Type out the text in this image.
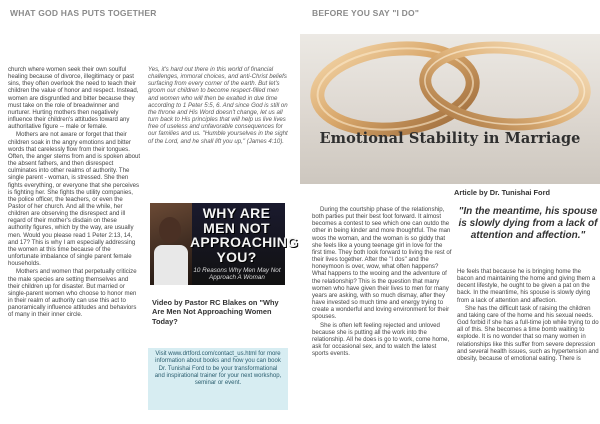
WHAT GOD HAS PUTS TOGETHER	BEFORE YOU SAY "I DO"

church where women seek their own soulful healing because of divorce, illegitimacy or past sins, they often overlook the need to teach their children the value of honor and respect. Instead, women are disgruntled and bitter because they must take on the role of breadwinner and nurturer. Hurting mothers then negatively influence their children's attitudes toward any authoritative figure -- male or female.

Mothers are not aware or forget that their children soak in the angry emotions and bitter words that carelessly flow from their tongues. Often, the anger stems from and is spoken about the absent fathers, and then disrespect culminates into other realms of authority. The single parent - woman, is stressed. She then fights everything, or everyone that she perceives is fighting her. She fights the utility companies, the police officer, the teachers, or even the Pastor of her church. And all the while, her children are observing the disrespect and ill regard of their mother's disdain on these authority figures, which by the way, are usually men. Would you please read 1 Peter 2:13, 14, and 17? This is why I am especially addressing the women at this time because of the unfortunate imbalance of single parent female households.

Mothers and women that perpetually criticize the male species are setting themselves and their children up for disaster. But married or single-parent women who choose to honor men in their realm of authority can use this act to panoramically influence attitudes and behaviors of many in their inner circle.

Yes, it's hard out there in this world of financial challenges, immoral choices, and anti-Christ beliefs surfacing from every corner of the earth. But let's groom our children to become respect-filled men and women who will then be exalted in due time according to 1 Peter 5:5, 6. And since God is still on the throne and His Word doesn't change, let us all turn back to His principles that will help us live lives free of useless and unfavorable consequences for our families and us. "Humble yourselves in the sight of the Lord, and he shall lift you up," (James 4:10).

WHY ARE MEN NOT APPROACHING YOU?
10 Reasons Why Men May Not Approach A Woman
Video by Pastor RC Blakes on "Why Are Men Not Approaching Women Today?
Visit www.drtford.com/contact_us.html for more information about books and how you can book Dr. Tunishai Ford to be your transformational and inspirational trainer for your next workshop, seminar or event.
Emotional Stability in Marriage
Article by Dr. Tunishai Ford
"In the meantime, his spouse is slowly dying from a lack of attention and affection."

During the courtship phase of the relationship, both parties put their best foot forward. It almost becomes a contest to see which one can outdo the other in being kinder and more thoughtful. The man woos the woman, and the woman is so giddy that she feels like a young teenage girl in love for the first time. They both look forward to living the rest of their lives together. After the "I dos" and the honeymoon is over, wow, what often happens? What happens to the wooing and the adventure of the relationship? This is the question that many women who have given their lives to men for many years are asking, with so much dismay, after they have invested so much time and energy trying to create a wonderful and loving environment for their spouses.

She is often left feeling rejected and unloved because she is putting all the work into the relationship. All he does is go to work, come home, ask for occasional sex, and to watch the latest sports events.

He feels that because he is bringing home the bacon and maintaining the home and giving them a decent lifestyle, he ought to be given a pat on the back. In the meantime, his spouse is slowly dying from a lack of attention and affection.

She has the difficult task of raising the children and taking care of the home and his sexual needs. God forbid if she has a full-time job while trying to do all of this. She becomes a time bomb waiting to explode. It is no wonder that so many women in relationships like this suffer from severe depression and several health issues, such as hypertension and obesity, because of emotional eating. There is
